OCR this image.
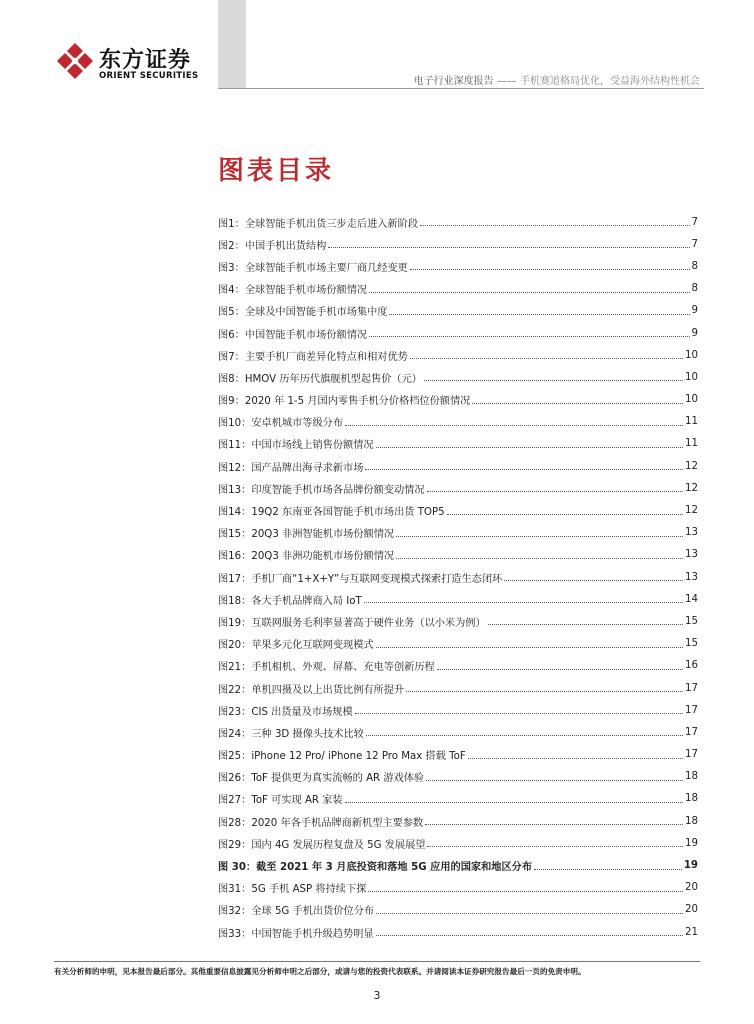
东方证券
ORIENT SECURITIES	电子行业深度报告 —— 手机赛道格局优化，受益海外结构性机会
图表目录
图1：全球智能手机出货三步走后进入新阶段	7
图2：中国手机出货结构	7
图3：全球智能手机市场主要厂商几经变更	8
图4：全球智能手机市场份额情况	8
图5：全球及中国智能手机市场集中度	9
图6：中国智能手机市场份额情况	9
图7：主要手机厂商差异化特点和相对优势	10
图8：HMOV 历年历代旗舰机型起售价（元）	10
图9：2020 年 1-5 月国内零售手机分价格档位份额情况	10
图10：安卓机城市等级分布	11
图11：中国市场线上销售份额情况	11
图12：国产品牌出海寻求新市场	12
图13：印度智能手机市场各品牌份额变动情况	12
图14：19Q2 东南亚各国智能手机市场出货 TOP5	12
图15：20Q3 非洲智能机市场份额情况	13
图16：20Q3 非洲功能机市场份额情况	13
图17：手机厂商“1+X+Y”与互联网变现模式探索打造生态闭环	13
图18：各大手机品牌商入局 IoT	14
图19：互联网服务毛利率显著高于硬件业务（以小米为例）	15
图20：苹果多元化互联网变现模式	15
图21：手机相机、外观、屏幕、充电等创新历程	16
图22：单机四摄及以上出货比例有所提升	17
图23：CIS 出货量及市场规模	17
图24：三种 3D 摄像头技术比较	17
图25：iPhone 12 Pro/ iPhone 12 Pro Max 搭载 ToF	17
图26：ToF 提供更为真实流畅的 AR 游戏体验	18
图27：ToF 可实现 AR 家装	18
图28：2020 年各手机品牌商新机型主要参数	18
图29：国内 4G 发展历程复盘及 5G 发展展望	19
图 30：截至 2021 年 3 月底投资和落地 5G 应用的国家和地区分布	19
图31：5G 手机 ASP 将持续下探	20
图32：全球 5G 手机出货价位分布	20
图33：中国智能手机升级趋势明显	21
有关分析师的申明，见本报告最后部分。其他重要信息披露见分析师申明之后部分，或请与您的投资代表联系。并请阅读本证券研究报告最后一页的免责申明。
3
